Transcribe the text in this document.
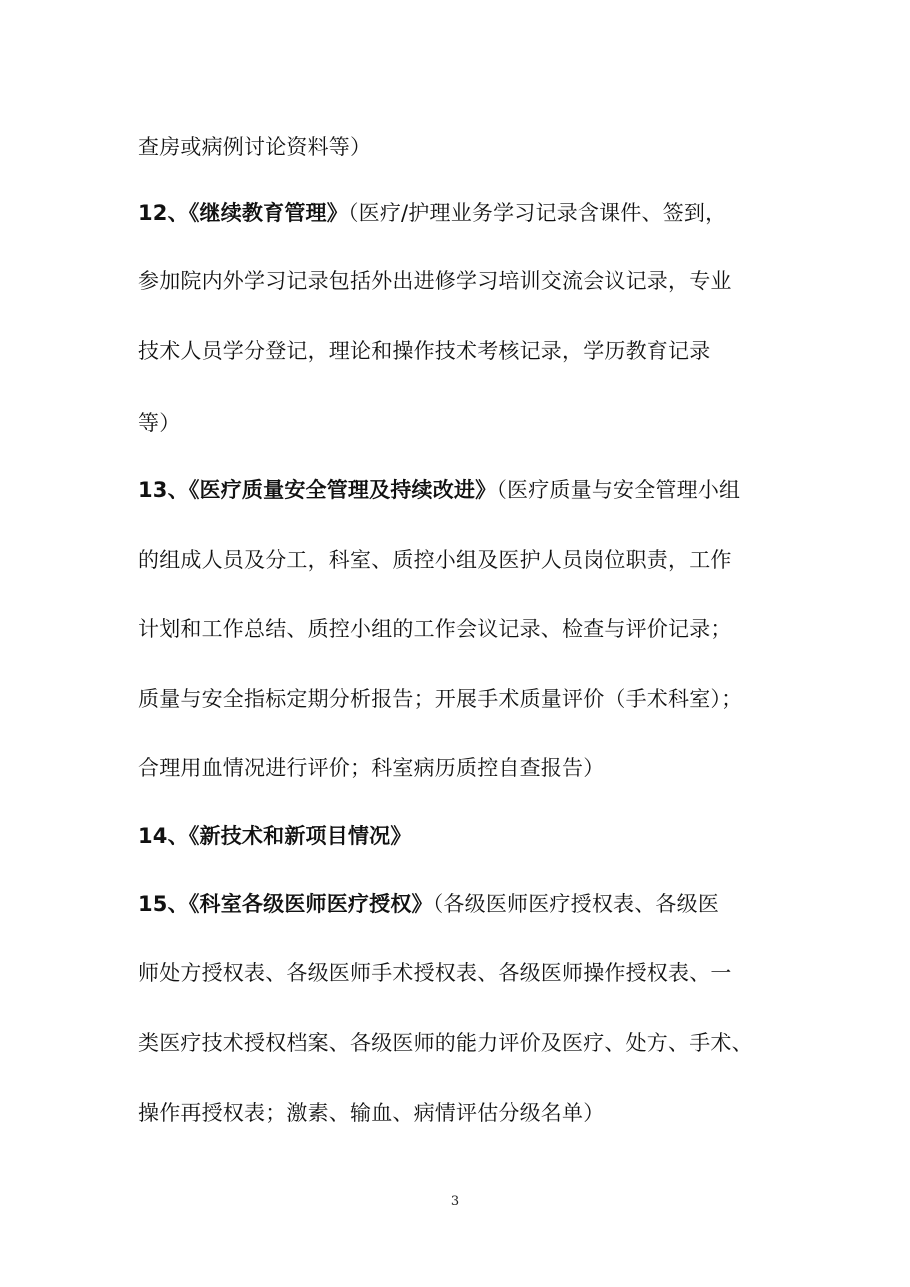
查房或病例讨论资料等）
12、《继续教育管理》（医疗/护理业务学习记录含课件、签到，
参加院内外学习记录包括外出进修学习培训交流会议记录，专业
技术人员学分登记，理论和操作技术考核记录，学历教育记录
等）
13、《医疗质量安全管理及持续改进》（医疗质量与安全管理小组
的组成人员及分工，科室、质控小组及医护人员岗位职责，工作
计划和工作总结、质控小组的工作会议记录、检查与评价记录；
质量与安全指标定期分析报告；开展手术质量评价（手术科室）；
合理用血情况进行评价；科室病历质控自查报告）
14、《新技术和新项目情况》
15、《科室各级医师医疗授权》（各级医师医疗授权表、各级医
师处方授权表、各级医师手术授权表、各级医师操作授权表、一
类医疗技术授权档案、各级医师的能力评价及医疗、处方、手术、
操作再授权表；激素、输血、病情评估分级名单）
3
